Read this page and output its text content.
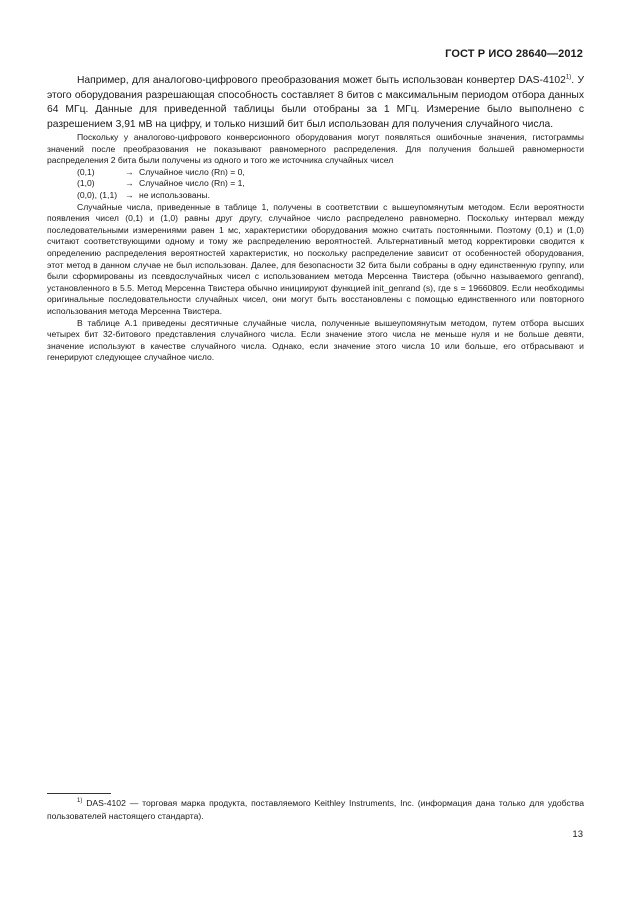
ГОСТ Р ИСО 28640—2012

Например, для аналогово-цифрового преобразования может быть использован конвертер DAS-4102$^{1)}$. У этого оборудования разрешающая способность составляет 8 битов с максимальным периодом отбора данных 64 МГц. Данные для приведенной таблицы были отобраны за 1 МГц. Измерение было выполнено с разрешением 3,91 мВ на цифру, и только низший бит был использован для получения случайного числа.

Поскольку у аналогово-цифрового конверсионного оборудования могут появляться ошибочные значения, гистограммы значений после преобразования не показывают равномерного распределения. Для получения большей равномерности распределения 2 бита были получены из одного и того же источника случайных чисел

(0,1)	→ Случайное число (Rn) = 0,
(1,0)	→ Случайное число (Rn) = 1,
(0,0), (1,1) → не использованы.

Случайные числа, приведенные в таблице 1, получены в соответствии с вышеупомянутым методом. Если вероятности появления чисел (0,1) и (1,0) равны друг другу, случайное число распределено равномерно. Поскольку интервал между последовательными измерениями равен 1 мс, характеристики оборудования можно считать постоянными. Поэтому (0,1) и (1,0) считают соответствующими одному и тому же распределению вероятностей. Альтернативный метод корректировки сводится к определению распределения вероятностей характеристик, но поскольку распределение зависит от особенностей оборудования, этот метод в данном случае не был использован. Далее, для безопасности 32 бита были собраны в одну единственную группу, или были сформированы из псевдослучайных чисел с использованием метода Мерсенна Твистера (обычно называемого genrand), установленного в 5.5. Метод Мерсенна Твистера обычно инициируют функцией init_genrand (s), где s = 19660809. Если необходимы оригинальные последовательности случайных чисел, они могут быть восстановлены с помощью единственного или повторного использования метода Мерсенна Твистера.

В таблице А.1 приведены десятичные случайные числа, полученные вышеупомянутым методом, путем отбора высших четырех бит 32-битового представления случайного числа. Если значение этого числа не меньше нуля и не больше девяти, значение используют в качестве случайного числа. Однако, если значение этого числа 10 или больше, его отбрасывают и генерируют следующее случайное число.

$^{1)}$ DAS-4102 — торговая марка продукта, поставляемого Keithley Instruments, Inc. (информация дана только для удобства пользователей настоящего стандарта).
13
